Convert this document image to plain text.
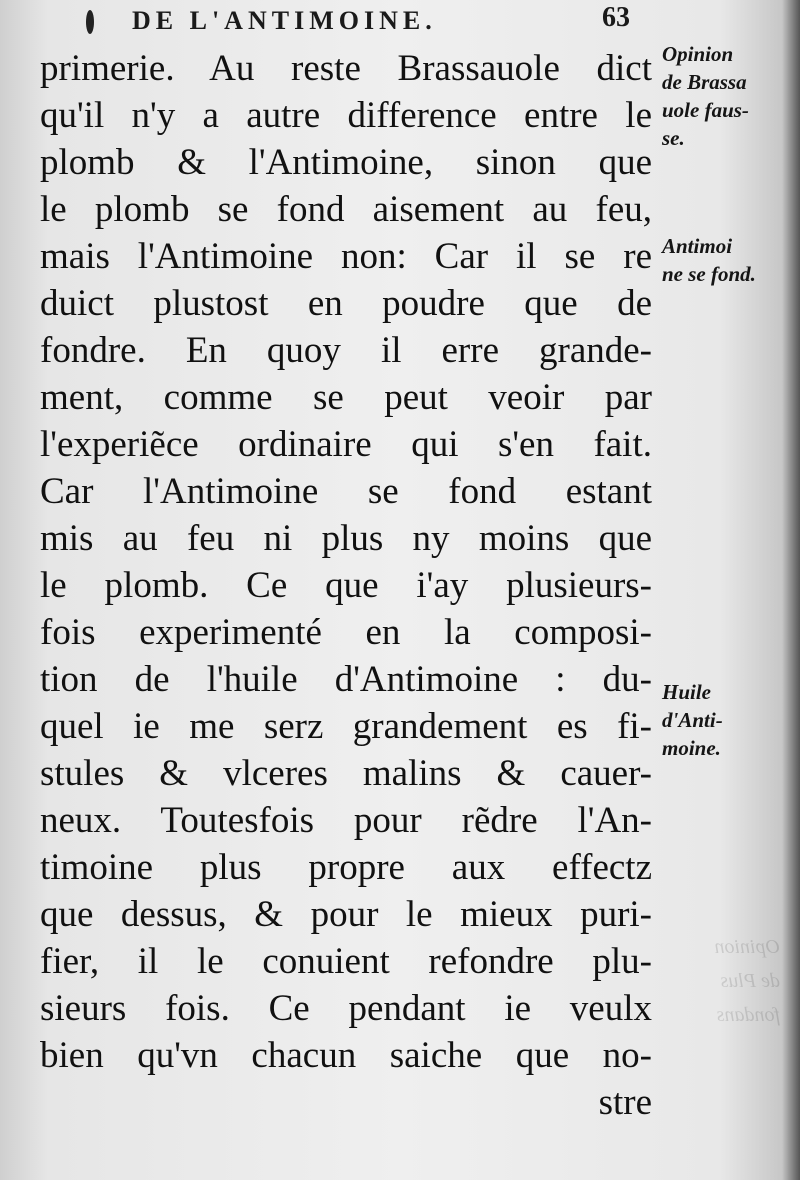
Opinion
de Plus
fondans
DE L'ANTIMOINE.	63
primerie. Au reste Brassauole dict
qu'il n'y a autre difference entre le
plomb & l'Antimoine, sinon que
le plomb se fond aisement au feu,
mais l'Antimoine non: Car il se re
duict plustost en poudre que de
fondre. En quoy il erre grande-
ment, comme se peut veoir par
l'experiẽce ordinaire qui s'en fait.
Car l'Antimoine se fond estant
mis au feu ni plus ny moins que
le plomb. Ce que i'ay plusieurs-
fois experimenté en la composi-
tion de l'huile d'Antimoine : du-
quel ie me serz grandement es fi-
stules & vlceres malins & cauer-
neux. Toutesfois pour rẽdre l'An-
timoine plus propre aux effectz
que dessus, & pour le mieux puri-
fier, il le conuient refondre plu-
sieurs fois. Ce pendant ie veulx
bien qu'vn chacun saiche que no-
stre
Opinion
de Brassa
uole faus-
se.
Antimoi
ne se fond.
Huile
d'Anti-
moine.
